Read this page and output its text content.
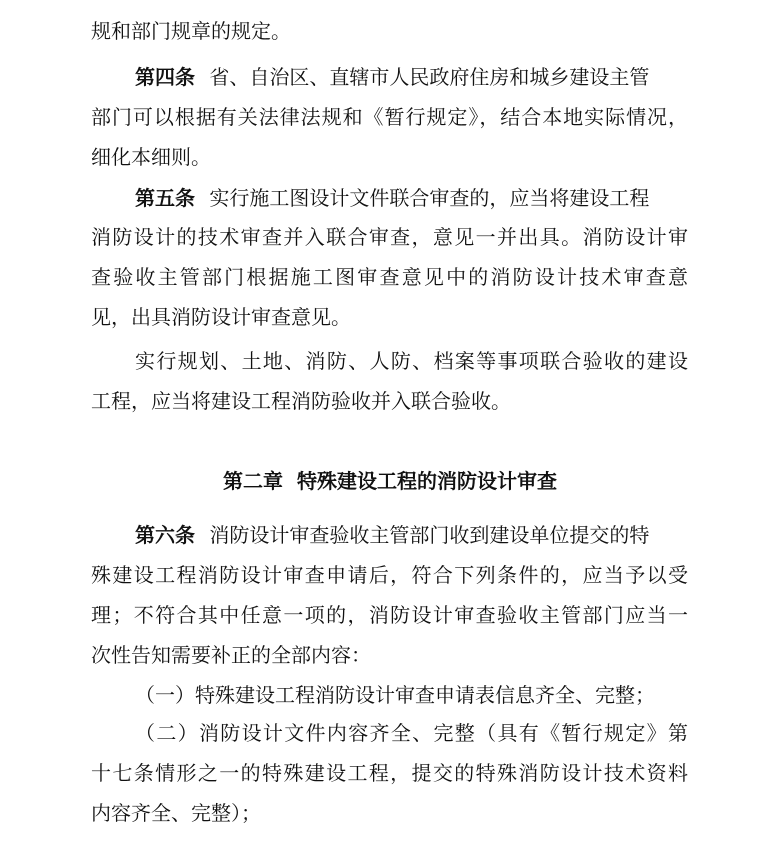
规和部门规章的规定。
第四条 省、自治区、直辖市人民政府住房和城乡建设主管
部门可以根据有关法律法规和《暂行规定》，结合本地实际情况，
细化本细则。
第五条 实行施工图设计文件联合审查的，应当将建设工程
消防设计的技术审查并入联合审查，意见一并出具。消防设计审
查验收主管部门根据施工图审查意见中的消防设计技术审查意
见，出具消防设计审查意见。
实行规划、土地、消防、人防、档案等事项联合验收的建设
工程，应当将建设工程消防验收并入联合验收。
第二章  特殊建设工程的消防设计审查
第六条 消防设计审查验收主管部门收到建设单位提交的特
殊建设工程消防设计审查申请后，符合下列条件的，应当予以受
理；不符合其中任意一项的，消防设计审查验收主管部门应当一
次性告知需要补正的全部内容：
（一）特殊建设工程消防设计审查申请表信息齐全、完整；
（二）消防设计文件内容齐全、完整（具有《暂行规定》第
十七条情形之一的特殊建设工程，提交的特殊消防设计技术资料
内容齐全、完整）；
